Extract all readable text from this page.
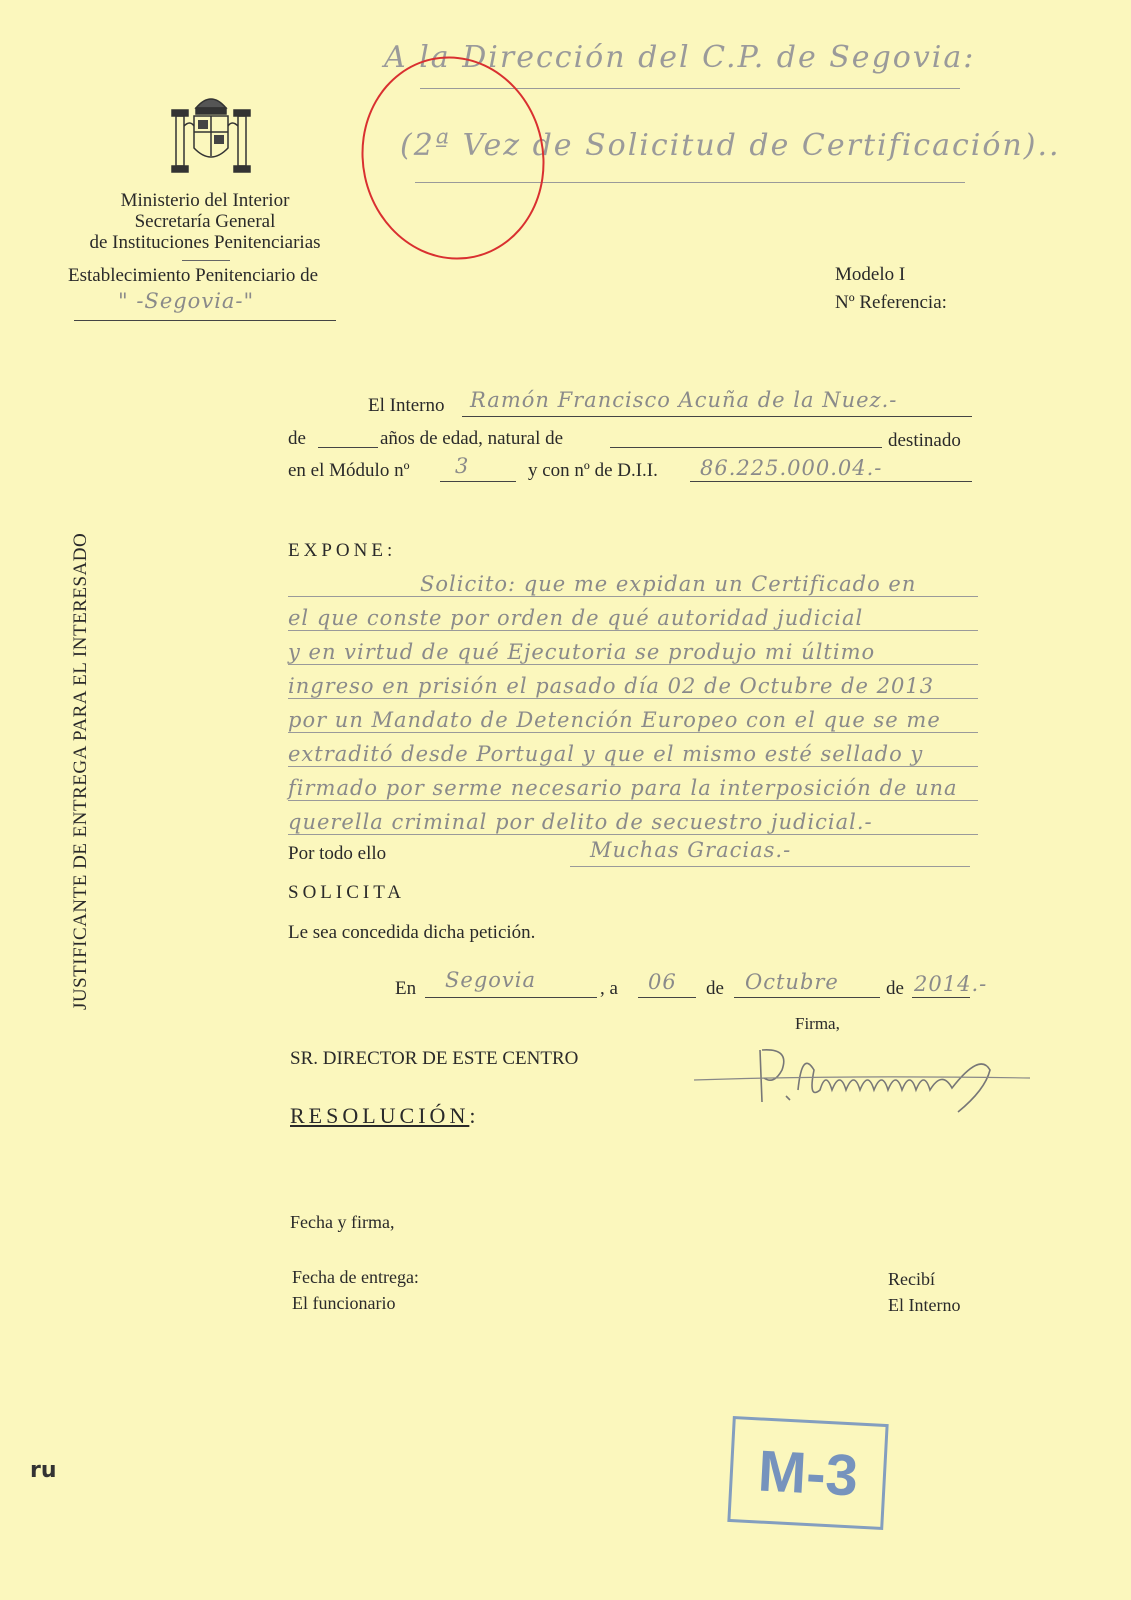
Ministerio del Interior
Secretaría General
de Instituciones Penitenciarias
Establecimiento Penitenciario de
" -Segovia-"
A la Dirección del C.P. de Segovia:
(2ª Vez de Solicitud de Certificación)..
Modelo I
Nº Referencia:
El Interno Ramón Francisco Acuña de la Nuez.-
de	años de edad, natural de	destinado
en el Módulo nº 3	y con nº de D.I.I. 86.225.000.04.-
EXPONE:
Solicito: que me expidan un Certificado en
el que conste por orden de qué autoridad judicial
y en virtud de qué Ejecutoria se produjo mi último
ingreso en prisión el pasado día 02 de Octubre de 2013
por un Mandato de Detención Europeo con el que se me
extraditó desde Portugal y que el mismo esté sellado y
firmado por serme necesario para la interposición de una
querella criminal por delito de secuestro judicial.-
Por todo ello	Muchas Gracias.-
SOLICITA
Le sea concedida dicha petición.
En Segovia	, a 06 de Octubre de 2014.-
Firma,
SR. DIRECTOR DE ESTE CENTRO
RESOLUCIÓN:
Fecha y firma,
Fecha de entrega:
El funcionario
Recibí
El Interno
JUSTIFICANTE DE ENTREGA PARA EL INTERESADO
M-3
ru
